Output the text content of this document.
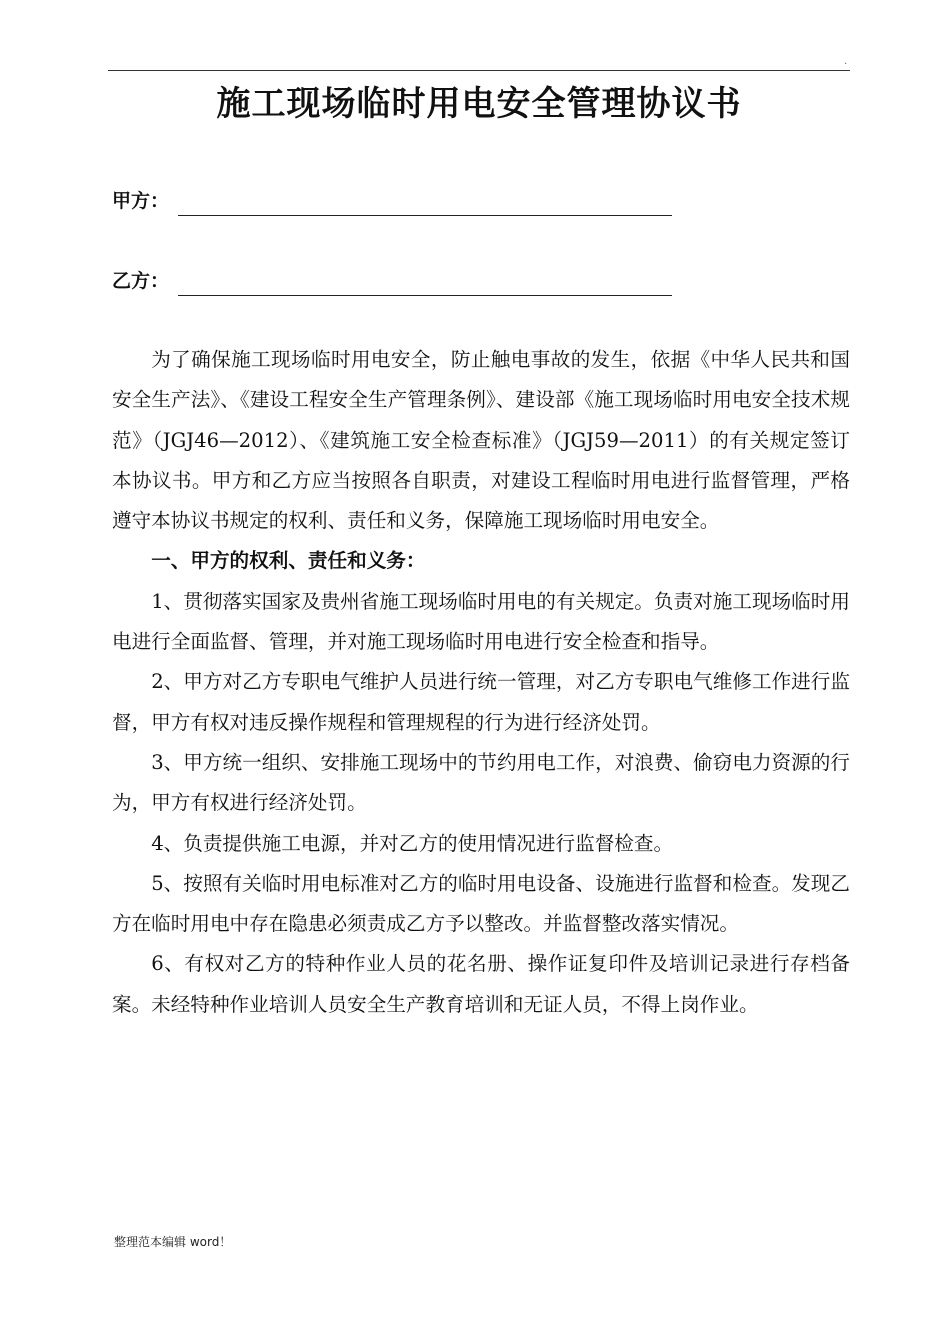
.
施工现场临时用电安全管理协议书
甲方：
乙方：

为了确保施工现场临时用电安全，防止触电事故的发生，依据《中华人民共和国安全生产法》、《建设工程安全生产管理条例》、建设部《施工现场临时用电安全技术规范》（JGJ46—2012）、《建筑施工安全检查标准》（JGJ59—2011）的有关规定签订本协议书。甲方和乙方应当按照各自职责，对建设工程临时用电进行监督管理，严格遵守本协议书规定的权利、责任和义务，保障施工现场临时用电安全。

一、甲方的权利、责任和义务：

1、贯彻落实国家及贵州省施工现场临时用电的有关规定。负责对施工现场临时用电进行全面监督、管理，并对施工现场临时用电进行安全检查和指导。

2、甲方对乙方专职电气维护人员进行统一管理，对乙方专职电气维修工作进行监督，甲方有权对违反操作规程和管理规程的行为进行经济处罚。

3、甲方统一组织、安排施工现场中的节约用电工作，对浪费、偷窃电力资源的行为，甲方有权进行经济处罚。

4、负责提供施工电源，并对乙方的使用情况进行监督检查。

5、按照有关临时用电标准对乙方的临时用电设备、设施进行监督和检查。发现乙方在临时用电中存在隐患必须责成乙方予以整改。并监督整改落实情况。

6、有权对乙方的特种作业人员的花名册、操作证复印件及培训记录进行存档备案。未经特种作业培训人员安全生产教育培训和无证人员，不得上岗作业。

整理范本编辑 word！
